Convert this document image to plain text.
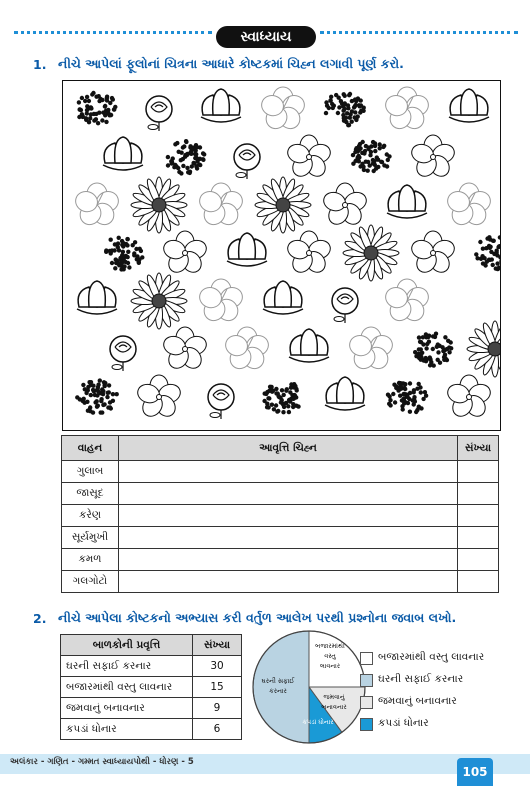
સ્વાધ્યાય
1. નીચે આપેલાં ફૂલોનાં ચિત્રના આધારે કોષ્ટકમાં ચિહ્ન લગાવી પૂર્ણ કરો.
વાહન	આવૃત્તિ ચિહ્ન	સંખ્યા
ગુલાબ		
જાસૂદ		
કરેણ		
સૂર્યમુખી		
કમળ		
ગલગોટો		
2. નીચે આપેલા કોષ્ટકનો અભ્યાસ કરી વર્તુળ આલેખ પરથી પ્રશ્નોના જવાબ લખો.
બાળકોની પ્રવૃત્તિ	સંખ્યા
ઘરની સફાઈ કરનાર	30
બજારમાંથી વસ્તુ લાવનાર	15
જમવાનું બનાવનાર	9
કપડાં ધોનાર	6
બજારમાંથી વસ્તુ લાવનાર
જમવાનું બનાવનાર
કપડાં ધોનાર
ઘરની સફાઈ કરનાર
બજારમાંથી વસ્તુ લાવનાર
ઘરની સફાઈ કરનાર
જમવાનું બનાવનાર
કપડાં ધોનાર
અલંકાર - ગણિત - ગમ્મત સ્વાધ્યાયપોથી - ધોરણ - 5
105
